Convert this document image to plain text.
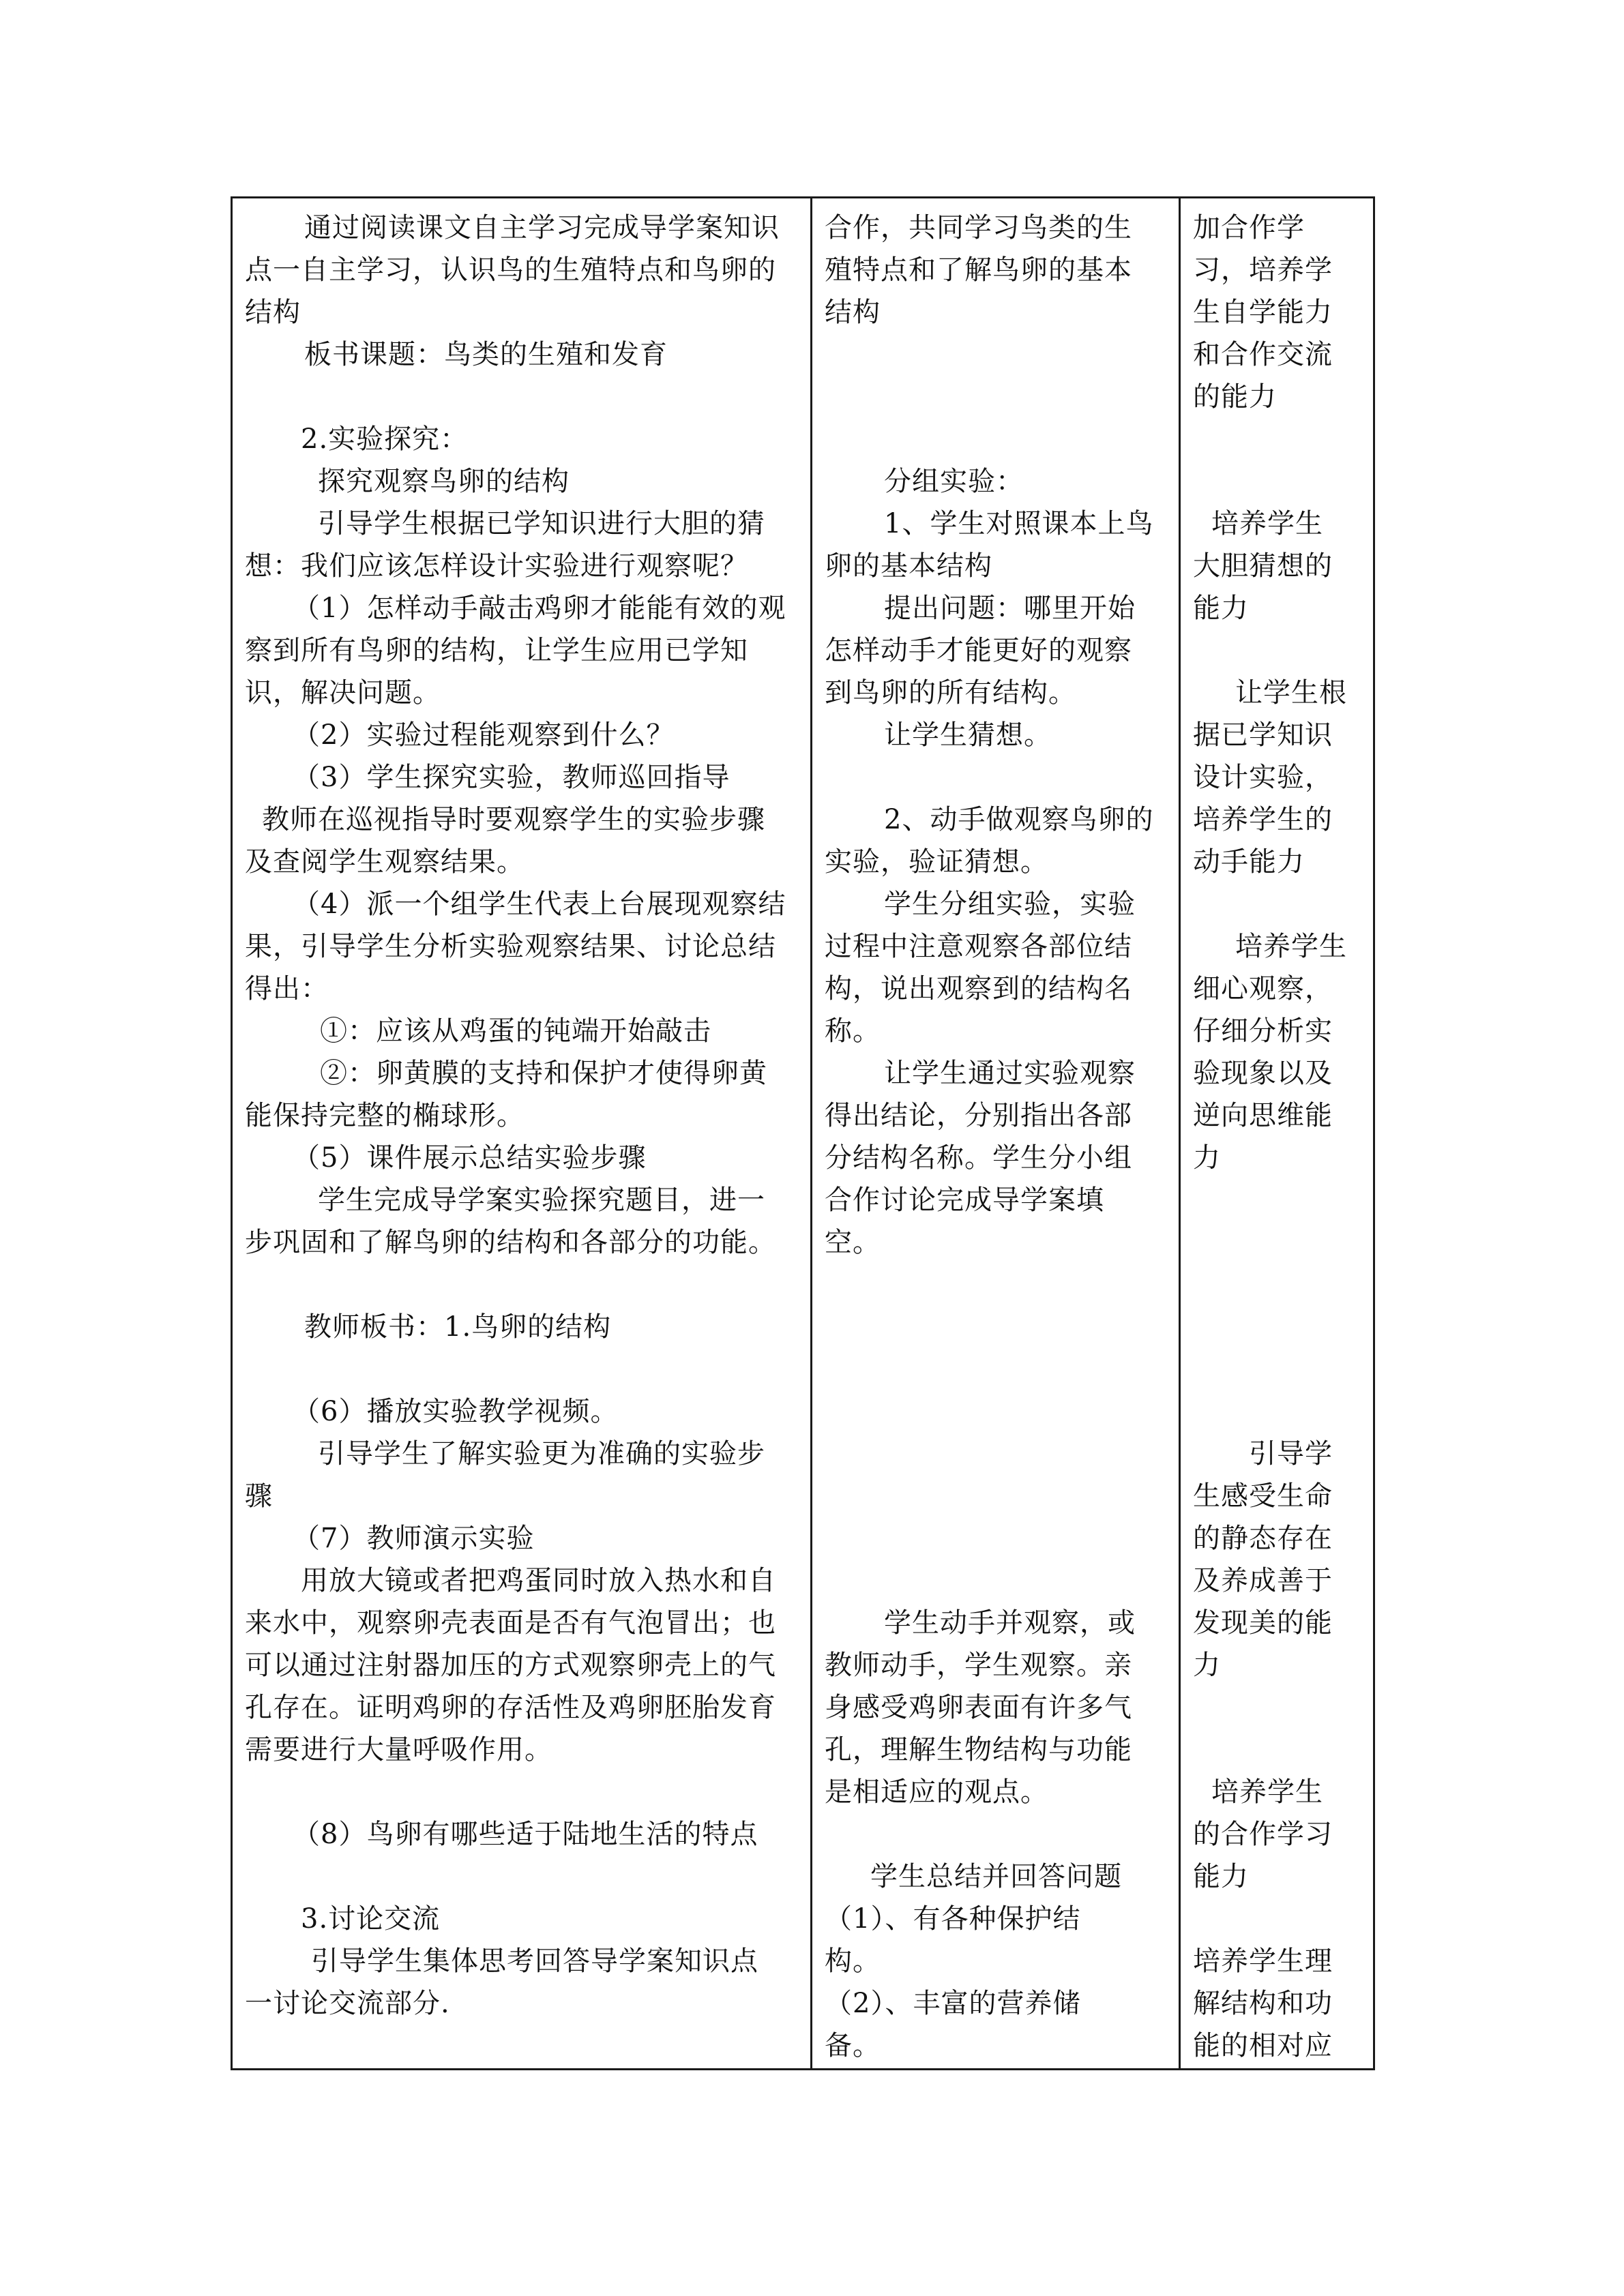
通过阅读课文自主学习完成导学案知识
点一自主学习，认识鸟的生殖特点和鸟卵的
结构
板书课题：鸟类的生殖和发育
2.实验探究：
探究观察鸟卵的结构
引导学生根据已学知识进行大胆的猜
想：我们应该怎样设计实验进行观察呢？
（1）怎样动手敲击鸡卵才能能有效的观
察到所有鸟卵的结构，让学生应用已学知
识，解决问题。
（2）实验过程能观察到什么？
（3）学生探究实验，教师巡回指导
教师在巡视指导时要观察学生的实验步骤
及查阅学生观察结果。
（4）派一个组学生代表上台展现观察结
果，引导学生分析实验观察结果、讨论总结
得出：
①：应该从鸡蛋的钝端开始敲击
②：卵黄膜的支持和保护才使得卵黄
能保持完整的椭球形。
（5）课件展示总结实验步骤
学生完成导学案实验探究题目，进一
步巩固和了解鸟卵的结构和各部分的功能。
教师板书：1.鸟卵的结构
（6）播放实验教学视频。
引导学生了解实验更为准确的实验步
骤
（7）教师演示实验
用放大镜或者把鸡蛋同时放入热水和自
来水中，观察卵壳表面是否有气泡冒出；也
可以通过注射器加压的方式观察卵壳上的气
孔存在。证明鸡卵的存活性及鸡卵胚胎发育
需要进行大量呼吸作用。
（8）鸟卵有哪些适于陆地生活的特点
3.讨论交流
引导学生集体思考回答导学案知识点
一讨论交流部分.
合作，共同学习鸟类的生
殖特点和了解鸟卵的基本
结构
分组实验：
1、学生对照课本上鸟
卵的基本结构
提出问题：哪里开始
怎样动手才能更好的观察
到鸟卵的所有结构。
让学生猜想。
2、动手做观察鸟卵的
实验，验证猜想。
学生分组实验，实验
过程中注意观察各部位结
构，说出观察到的结构名
称。
让学生通过实验观察
得出结论，分别指出各部
分结构名称。学生分小组
合作讨论完成导学案填
空。
学生动手并观察，或
教师动手，学生观察。亲
身感受鸡卵表面有许多气
孔，理解生物结构与功能
是相适应的观点。
学生总结并回答问题
（1）、有各种保护结
构。
（2）、丰富的营养储
备。
加合作学
习，培养学
生自学能力
和合作交流
的能力
培养学生
大胆猜想的
能力
让学生根
据已学知识
设计实验，
培养学生的
动手能力
培养学生
细心观察，
仔细分析实
验现象以及
逆向思维能
力
引导学
生感受生命
的静态存在
及养成善于
发现美的能
力
培养学生
的合作学习
能力
培养学生理
解结构和功
能的相对应
